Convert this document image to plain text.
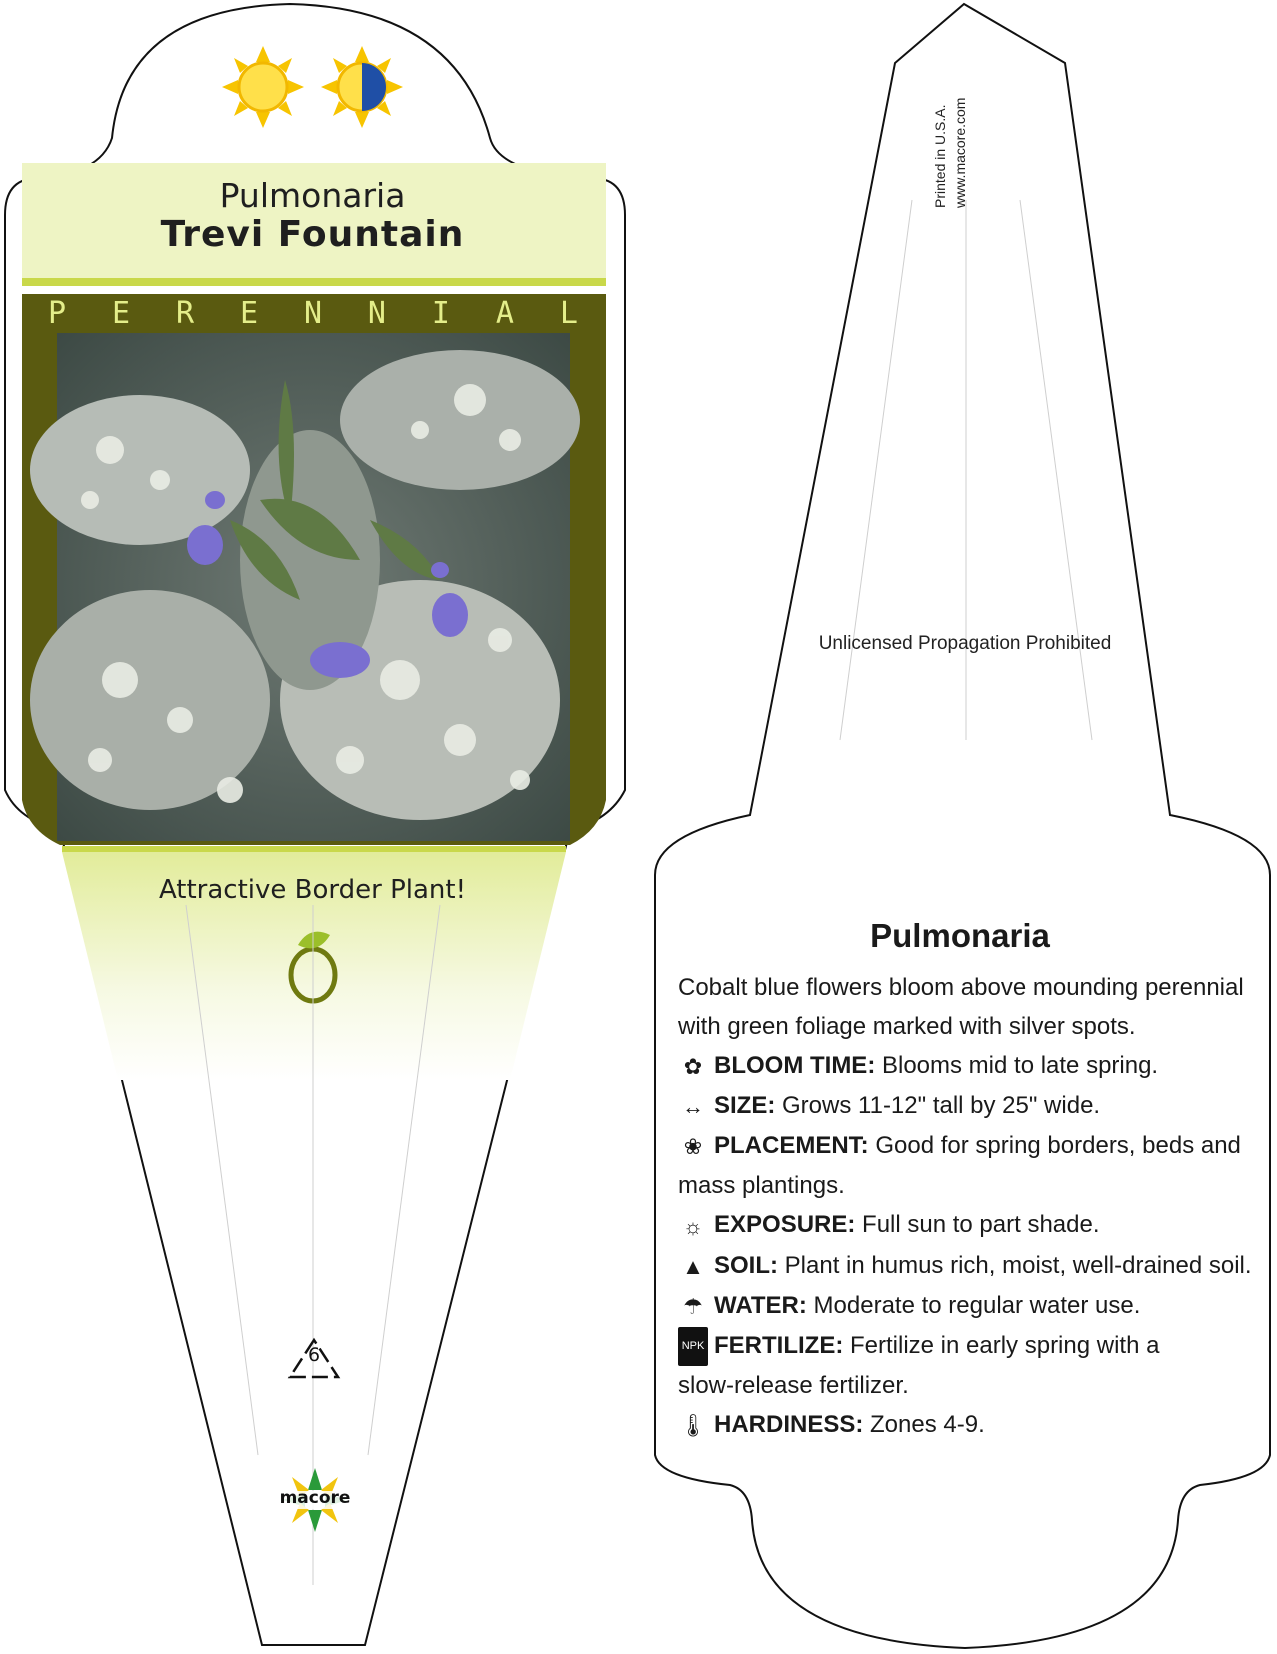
Pulmonaria
Trevi Fountain
P E R E N N I A L
Attractive Border Plant!
6
macore
Printed in U.S.A. www.macore.com
Unlicensed Propagation Prohibited
Pulmonaria
Cobalt blue flowers bloom above mounding perennial
with green foliage marked with silver spots.
✿ BLOOM TIME: Blooms mid to late spring.
↔ SIZE: Grows 11-12" tall by 25" wide.
❀ PLACEMENT: Good for spring borders, beds and
mass plantings.
☼ EXPOSURE: Full sun to part shade.
▲ SOIL: Plant in humus rich, moist, well-drained soil.
☂ WATER: Moderate to regular water use.
NPK FERTILIZE: Fertilize in early spring with a
slow-release fertilizer.
🌡 HARDINESS: Zones 4-9.
